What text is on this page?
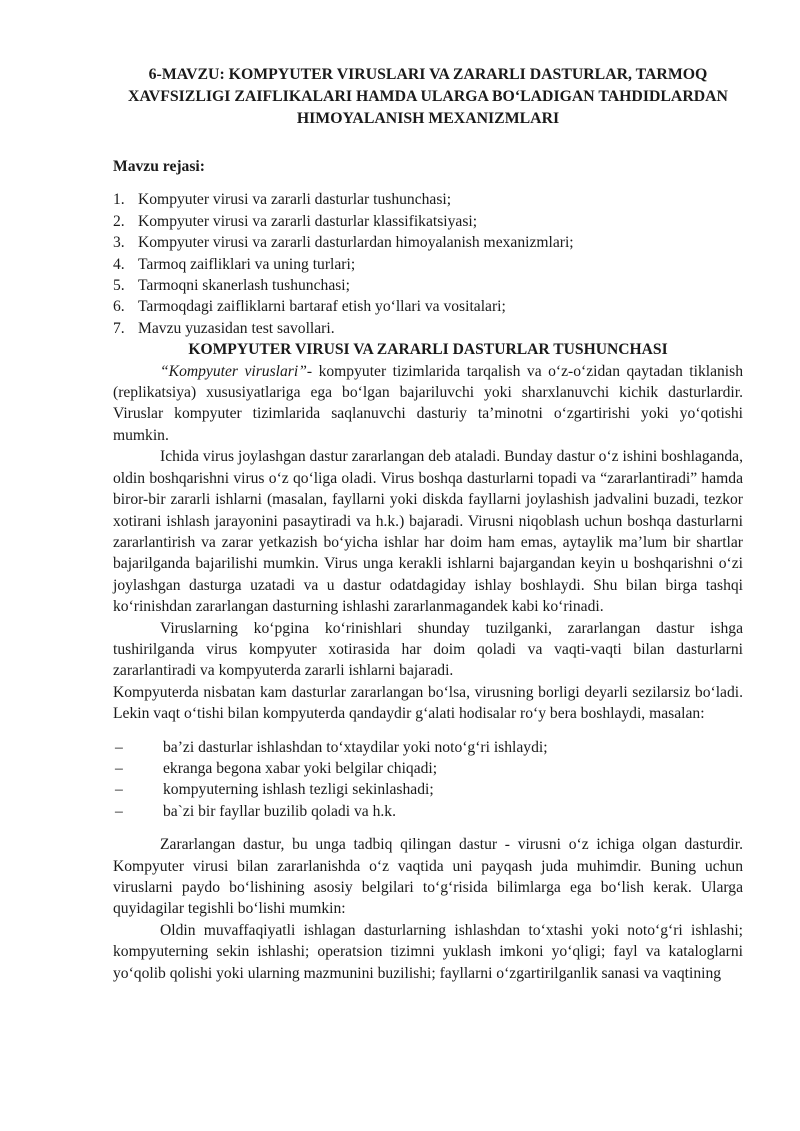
6-MAVZU: KOMPYUTER VIRUSLARI VA ZARARLI DASTURLAR, TARMOQ
XAVFSIZLIGI ZAIFLIKALARI HAMDA ULARGA BO‘LADIGAN TAHDIDLARDAN
HIMOYALANISH MEXANIZMLARI
Mavzu rejasi:
1. Kompyuter virusi va zararli dasturlar tushunchasi;
2. Kompyuter virusi va zararli dasturlar klassifikatsiyasi;
3. Kompyuter virusi va zararli dasturlardan himoyalanish mexanizmlari;
4. Tarmoq zaifliklari va uning turlari;
5. Tarmoqni skanerlash tushunchasi;
6. Tarmoqdagi zaifliklarni bartaraf etish yo‘llari va vositalari;
7. Mavzu yuzasidan test savollari.
KOMPYUTER VIRUSI VA ZARARLI DASTURLAR TUSHUNCHASI

“Kompyuter viruslari”- kompyuter tizimlarida tarqalish va o‘z-o‘zidan qaytadan tiklanish (replikatsiya) xususiyatlariga ega bo‘lgan bajariluvchi yoki sharxlanuvchi kichik dasturlardir. Viruslar kompyuter tizimlarida saqlanuvchi dasturiy ta’minotni o‘zgartirishi yoki yo‘qotishi mumkin.

Ichida virus joylashgan dastur zararlangan deb ataladi. Bunday dastur o‘z ishini boshlaganda, oldin boshqarishni virus o‘z qo‘liga oladi. Virus boshqa dasturlarni topadi va “zararlantiradi” hamda biror-bir zararli ishlarni (masalan, fayllarni yoki diskda fayllarni joylashish jadvalini buzadi, tezkor xotirani ishlash jarayonini pasaytiradi va h.k.) bajaradi. Virusni niqoblash uchun boshqa dasturlarni zararlantirish va zarar yetkazish bo‘yicha ishlar har doim ham emas, aytaylik ma’lum bir shartlar bajarilganda bajarilishi mumkin. Virus unga kerakli ishlarni bajargandan keyin u boshqarishni o‘zi joylashgan dasturga uzatadi va u dastur odatdagiday ishlay boshlaydi. Shu bilan birga tashqi ko‘rinishdan zararlangan dasturning ishlashi zararlanmagandek kabi ko‘rinadi.

Viruslarning ko‘pgina ko‘rinishlari shunday tuzilganki, zararlangan dastur ishga tushirilganda virus kompyuter xotirasida har doim qoladi va vaqti-vaqti bilan dasturlarni zararlantiradi va kompyuterda zararli ishlarni bajaradi.

Kompyuterda nisbatan kam dasturlar zararlangan bo‘lsa, virusning borligi deyarli sezilarsiz bo‘ladi. Lekin vaqt o‘tishi bilan kompyuterda qandaydir g‘alati hodisalar ro‘y bera boshlaydi, masalan:

–	ba’zi dasturlar ishlashdan to‘xtaydilar yoki noto‘g‘ri ishlaydi;
–	ekranga begona xabar yoki belgilar chiqadi;
–	kompyuterning ishlash tezligi sekinlashadi;
–	ba`zi bir fayllar buzilib qoladi va h.k.

Zararlangan dastur, bu unga tadbiq qilingan dastur - virusni o‘z ichiga olgan dasturdir. Kompyuter virusi bilan zararlanishda o‘z vaqtida uni payqash juda muhimdir. Buning uchun viruslarni paydo bo‘lishining asosiy belgilari to‘g‘risida bilimlarga ega bo‘lish kerak. Ularga quyidagilar tegishli bo‘lishi mumkin:

Oldin muvaffaqiyatli ishlagan dasturlarning ishlashdan to‘xtashi yoki noto‘g‘ri ishlashi; kompyuterning sekin ishlashi; operatsion tizimni yuklash imkoni yo‘qligi; fayl va kataloglarni yo‘qolib qolishi yoki ularning mazmunini buzilishi; fayllarni o‘zgartirilganlik sanasi va vaqtining
